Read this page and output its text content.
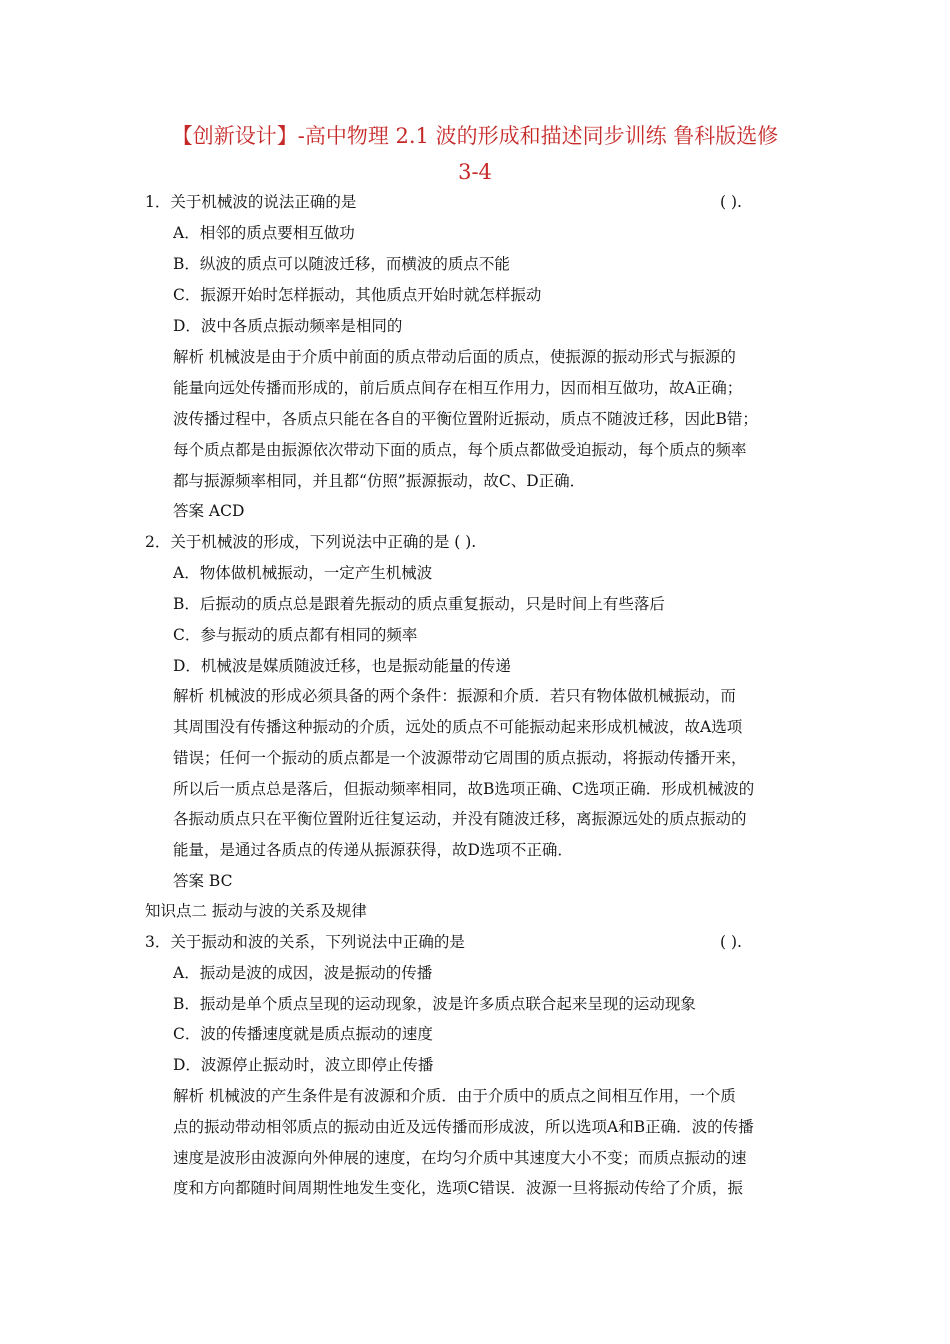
【创新设计】-高中物理 2.1 波的形成和描述同步训练 鲁科版选修
3-4

1．关于机械波的说法正确的是	( ).

A．相邻的质点要相互做功

B．纵波的质点可以随波迁移，而横波的质点不能

C．振源开始时怎样振动，其他质点开始时就怎样振动

D．波中各质点振动频率是相同的

解析 机械波是由于介质中前面的质点带动后面的质点，使振源的振动形式与振源的

能量向远处传播而形成的，前后质点间存在相互作用力，因而相互做功，故A正确；

波传播过程中，各质点只能在各自的平衡位置附近振动，质点不随波迁移，因此B错；

每个质点都是由振源依次带动下面的质点，每个质点都做受迫振动，每个质点的频率

都与振源频率相同，并且都“仿照”振源振动，故C、D正确．

答案 ACD

2．关于机械波的形成，下列说法中正确的是 ( ).

A．物体做机械振动，一定产生机械波

B．后振动的质点总是跟着先振动的质点重复振动，只是时间上有些落后

C．参与振动的质点都有相同的频率

D．机械波是媒质随波迁移，也是振动能量的传递

解析 机械波的形成必须具备的两个条件：振源和介质．若只有物体做机械振动，而

其周围没有传播这种振动的介质，远处的质点不可能振动起来形成机械波，故A选项

错误；任何一个振动的质点都是一个波源带动它周围的质点振动，将振动传播开来，

所以后一质点总是落后，但振动频率相同，故B选项正确、C选项正确．形成机械波的

各振动质点只在平衡位置附近往复运动，并没有随波迁移，离振源远处的质点振动的

能量，是通过各质点的传递从振源获得，故D选项不正确．

答案 BC

知识点二 振动与波的关系及规律

3．关于振动和波的关系，下列说法中正确的是	( ).

A．振动是波的成因，波是振动的传播

B．振动是单个质点呈现的运动现象，波是许多质点联合起来呈现的运动现象

C．波的传播速度就是质点振动的速度

D．波源停止振动时，波立即停止传播

解析 机械波的产生条件是有波源和介质．由于介质中的质点之间相互作用，一个质

点的振动带动相邻质点的振动由近及远传播而形成波，所以选项A和B正确．波的传播

速度是波形由波源向外伸展的速度，在均匀介质中其速度大小不变；而质点振动的速

度和方向都随时间周期性地发生变化，选项C错误．波源一旦将振动传给了介质，振
